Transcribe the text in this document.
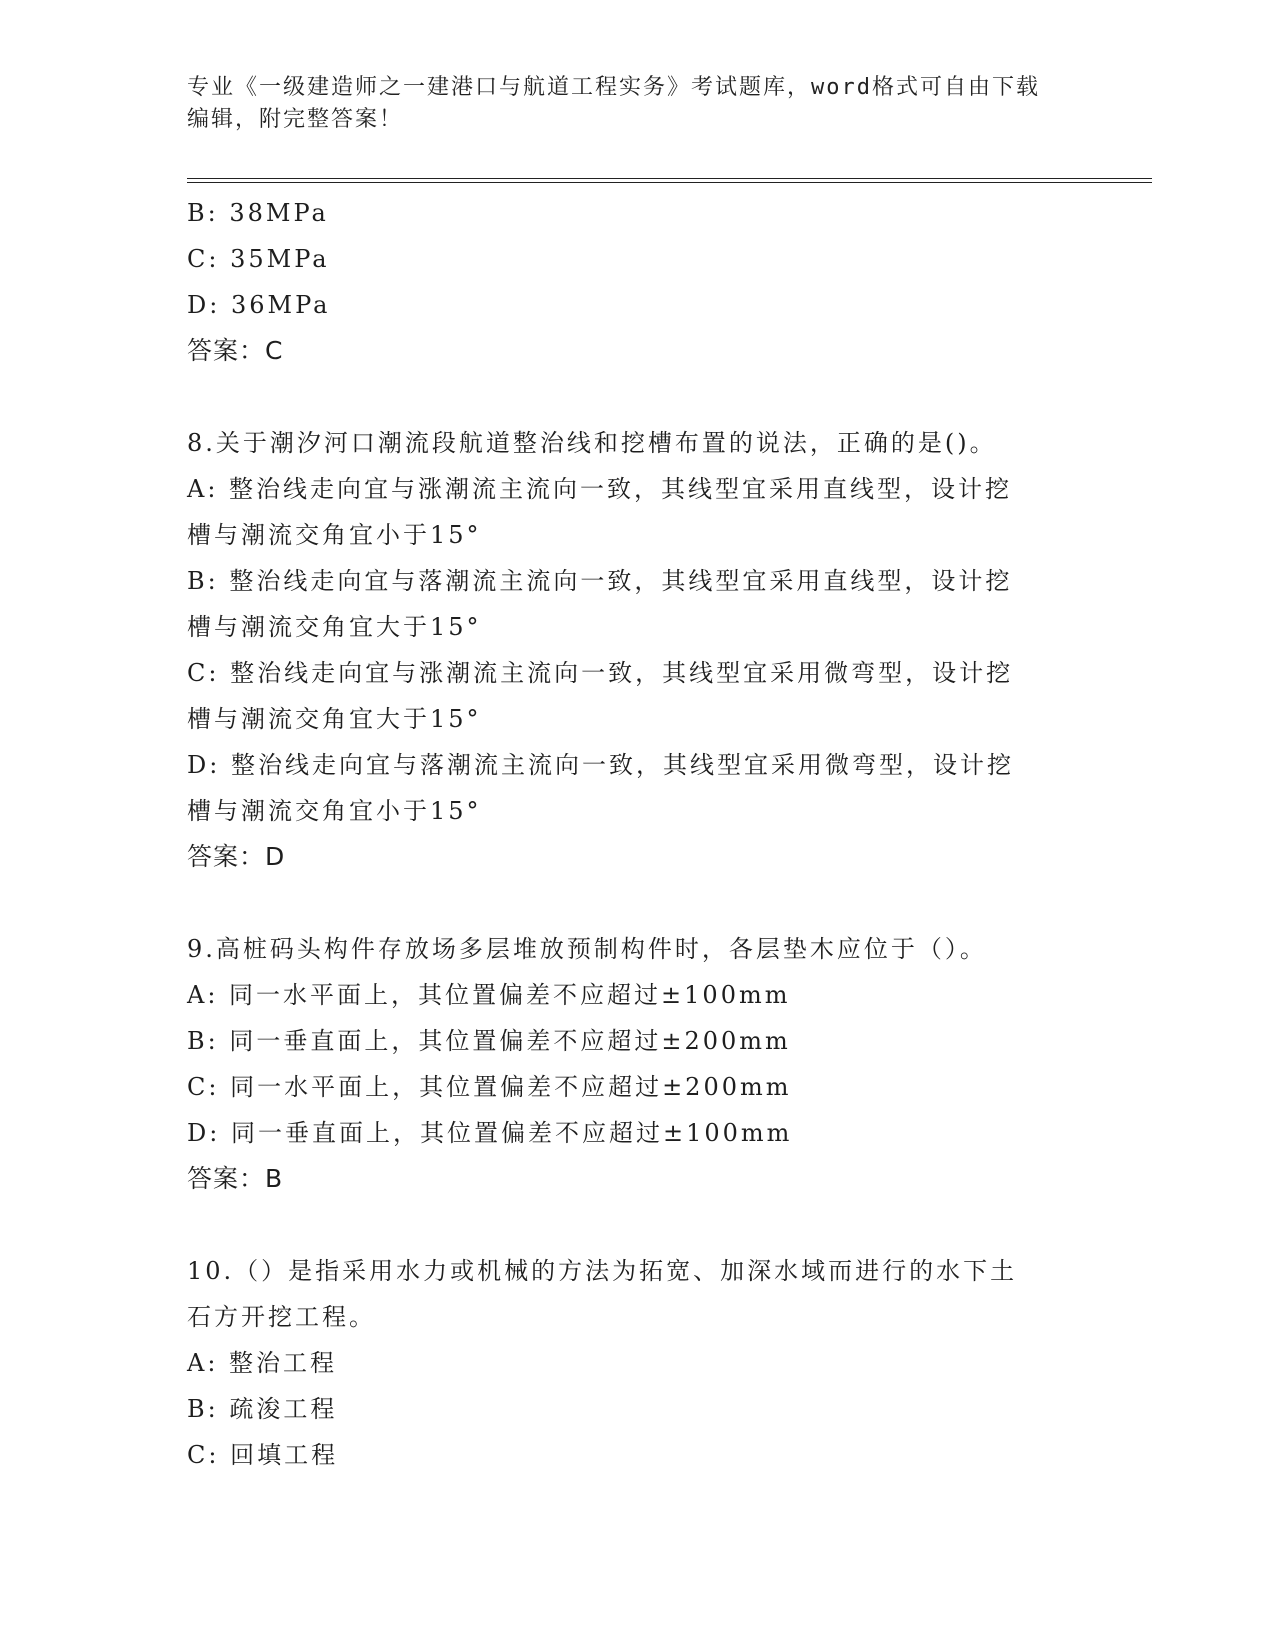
专业《一级建造师之一建港口与航道工程实务》考试题库，word格式可自由下载
编辑，附完整答案！
B: 38MPa
C: 35MPa
D: 36MPa
答案：C
8.关于潮汐河口潮流段航道整治线和挖槽布置的说法，正确的是()。
A: 整治线走向宜与涨潮流主流向一致，其线型宜采用直线型，设计挖
槽与潮流交角宜小于15°
B: 整治线走向宜与落潮流主流向一致，其线型宜采用直线型，设计挖
槽与潮流交角宜大于15°
C: 整治线走向宜与涨潮流主流向一致，其线型宜采用微弯型，设计挖
槽与潮流交角宜大于15°
D: 整治线走向宜与落潮流主流向一致，其线型宜采用微弯型，设计挖
槽与潮流交角宜小于15°
答案：D
9.高桩码头构件存放场多层堆放预制构件时，各层垫木应位于（）。
A: 同一水平面上，其位置偏差不应超过±100mm
B: 同一垂直面上，其位置偏差不应超过±200mm
C: 同一水平面上，其位置偏差不应超过±200mm
D: 同一垂直面上，其位置偏差不应超过±100mm
答案：B
10.（）是指采用水力或机械的方法为拓宽、加深水域而进行的水下土
石方开挖工程。
A: 整治工程
B: 疏浚工程
C: 回填工程
